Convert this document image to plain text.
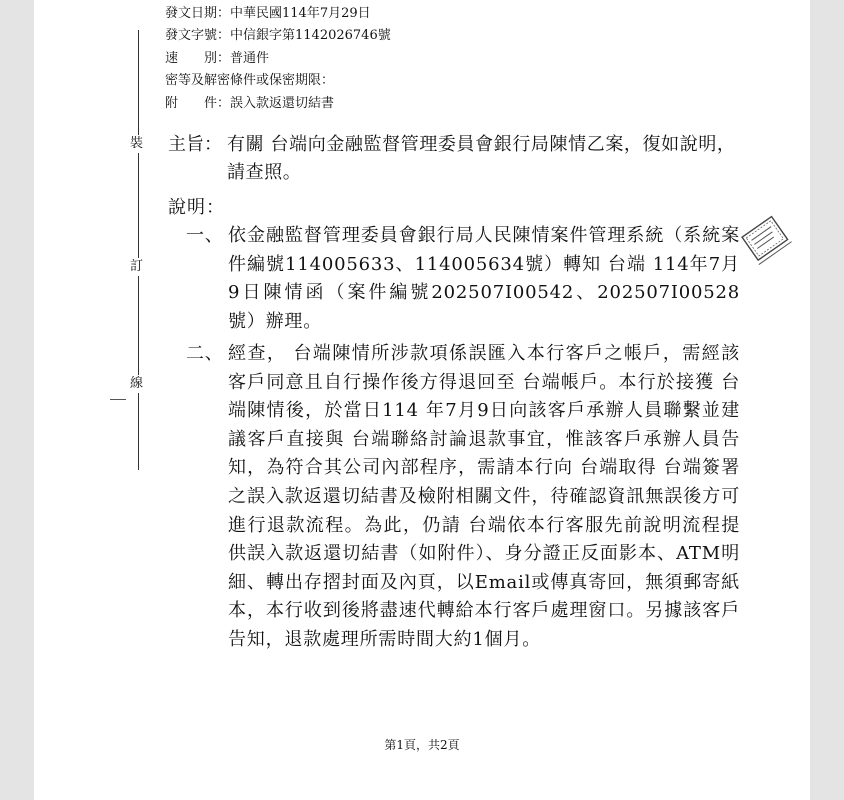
發文日期：中華民國114年7月29日
發文字號：中信銀字第1142026746號
速　　別：普通件
密等及解密條件或保密期限：
附　　件：誤入款返還切結書
裝
訂
線
主旨： 有關 台端向金融監督管理委員會銀行局陳情乙案，復如說明，請查照。
說明：
一、 依金融監督管理委員會銀行局人民陳情案件管理系統（系統案件編號114005633、114005634號）轉知 台端 114年7月9日陳情函（案件編號202507I00542、202507I00528號）辦理。
二、 經查， 台端陳情所涉款項係誤匯入本行客戶之帳戶，需經該客戶同意且自行操作後方得退回至 台端帳戶。本行於接獲 台端陳情後，於當日114 年7月9日向該客戶承辦人員聯繫並建議客戶直接與 台端聯絡討論退款事宜，惟該客戶承辦人員告知，為符合其公司內部程序，需請本行向 台端取得 台端簽署之誤入款返還切結書及檢附相關文件，待確認資訊無誤後方可進行退款流程。為此，仍請 台端依本行客服先前說明流程提供誤入款返還切結書（如附件）、身分證正反面影本、ATM明細、轉出存摺封面及內頁，以Email或傳真寄回，無須郵寄紙本，本行收到後將盡速代轉給本行客戶處理窗口。另據該客戶告知，退款處理所需時間大約1個月。
第1頁，共2頁
